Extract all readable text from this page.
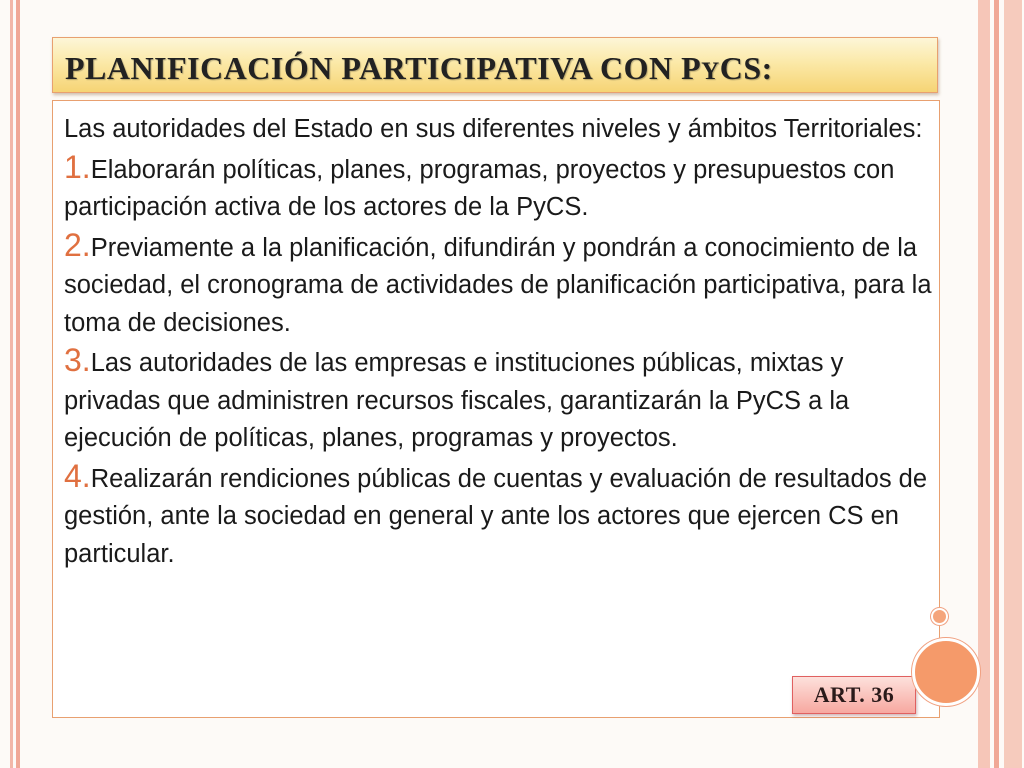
PLANIFICACIÓN PARTICIPATIVA CON PYCS:

Las autoridades del Estado en sus diferentes niveles y ámbitos Territoriales:

1.Elaborarán políticas, planes, programas, proyectos y presupuestos con participación activa de los actores de la PyCS.

2.Previamente a la planificación, difundirán y pondrán a conocimiento de la sociedad, el cronograma de actividades de planificación participativa, para la toma de decisiones.

3.Las autoridades de las empresas e instituciones públicas, mixtas y privadas que administren recursos fiscales, garantizarán la PyCS a la ejecución de políticas, planes, programas y proyectos.

4.Realizarán rendiciones públicas de cuentas y evaluación de resultados de gestión, ante la sociedad en general y ante los actores que ejercen CS en particular.

ART. 36
